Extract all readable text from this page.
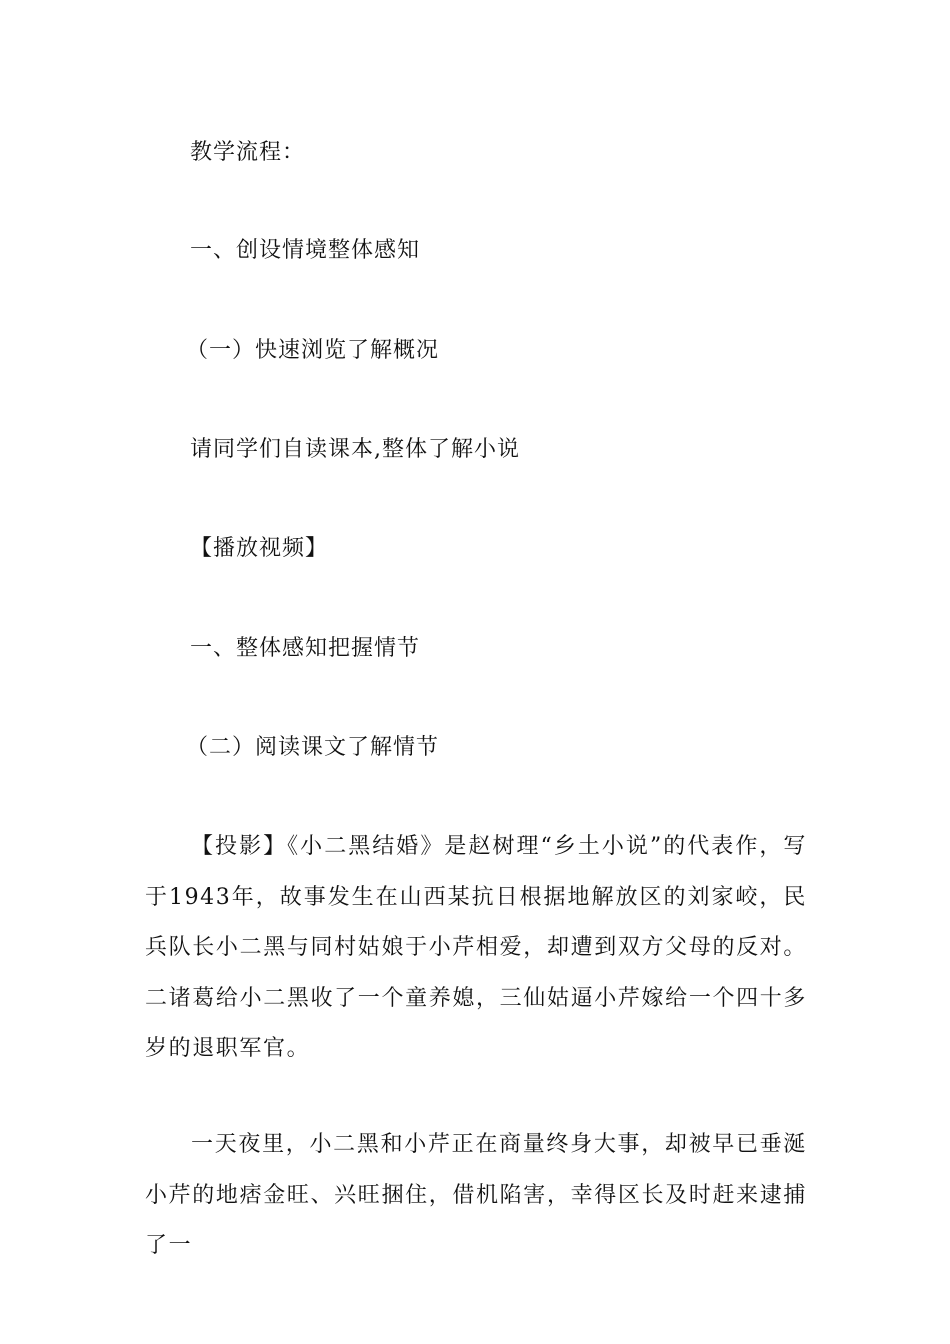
教学流程：
一、创设情境整体感知
（一）快速浏览了解概况
请同学们自读课本,整体了解小说
【播放视频】
一、整体感知把握情节
（二）阅读课文了解情节
【投影】《小二黑结婚》是赵树理“乡土小说”的代表作，写于1943年，故事发生在山西某抗日根据地解放区的刘家峧，民兵队长小二黑与同村姑娘于小芹相爱，却遭到双方父母的反对。二诸葛给小二黑收了一个童养媳，三仙姑逼小芹嫁给一个四十多岁的退职军官。
一天夜里，小二黑和小芹正在商量终身大事，却被早已垂涎小芹的地痞金旺、兴旺捆住，借机陷害，幸得区长及时赶来逮捕了一
